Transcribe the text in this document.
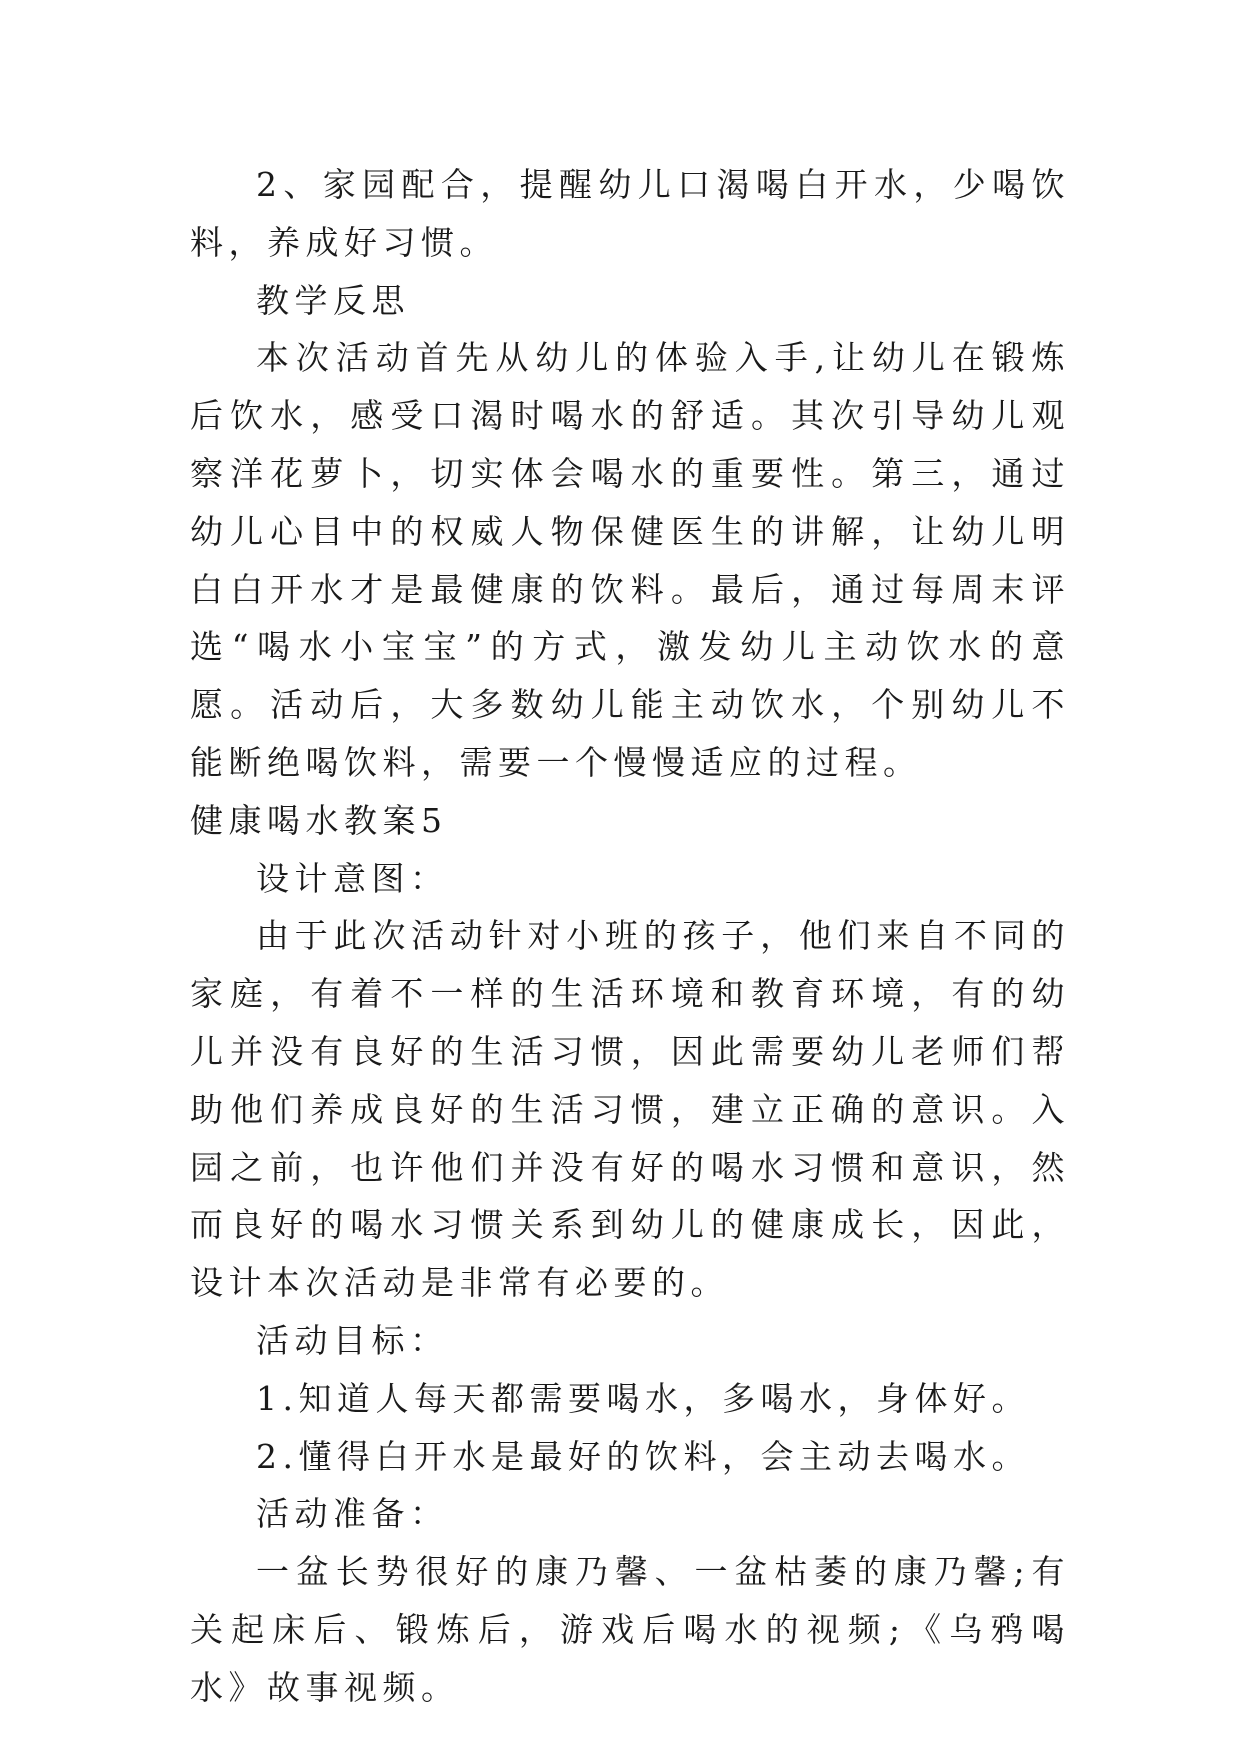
2、家园配合，提醒幼儿口渴喝白开水，少喝饮料，养成好习惯。

教学反思

本次活动首先从幼儿的体验入手,让幼儿在锻炼后饮水，感受口渴时喝水的舒适。其次引导幼儿观察洋花萝卜，切实体会喝水的重要性。第三，通过幼儿心目中的权威人物保健医生的讲解，让幼儿明白白开水才是最健康的饮料。最后，通过每周末评选“喝水小宝宝”的方式，激发幼儿主动饮水的意愿。活动后，大多数幼儿能主动饮水，个别幼儿不能断绝喝饮料，需要一个慢慢适应的过程。

健康喝水教案5

设计意图：

由于此次活动针对小班的孩子，他们来自不同的家庭，有着不一样的生活环境和教育环境，有的幼儿并没有良好的生活习惯，因此需要幼儿老师们帮助他们养成良好的生活习惯，建立正确的意识。入园之前，也许他们并没有好的喝水习惯和意识，然而良好的喝水习惯关系到幼儿的健康成长，因此，设计本次活动是非常有必要的。

活动目标：

1.知道人每天都需要喝水，多喝水，身体好。

2.懂得白开水是最好的饮料，会主动去喝水。

活动准备：

一盆长势很好的康乃馨、一盆枯萎的康乃馨;有关起床后、锻炼后，游戏后喝水的视频;《乌鸦喝水》故事视频。
